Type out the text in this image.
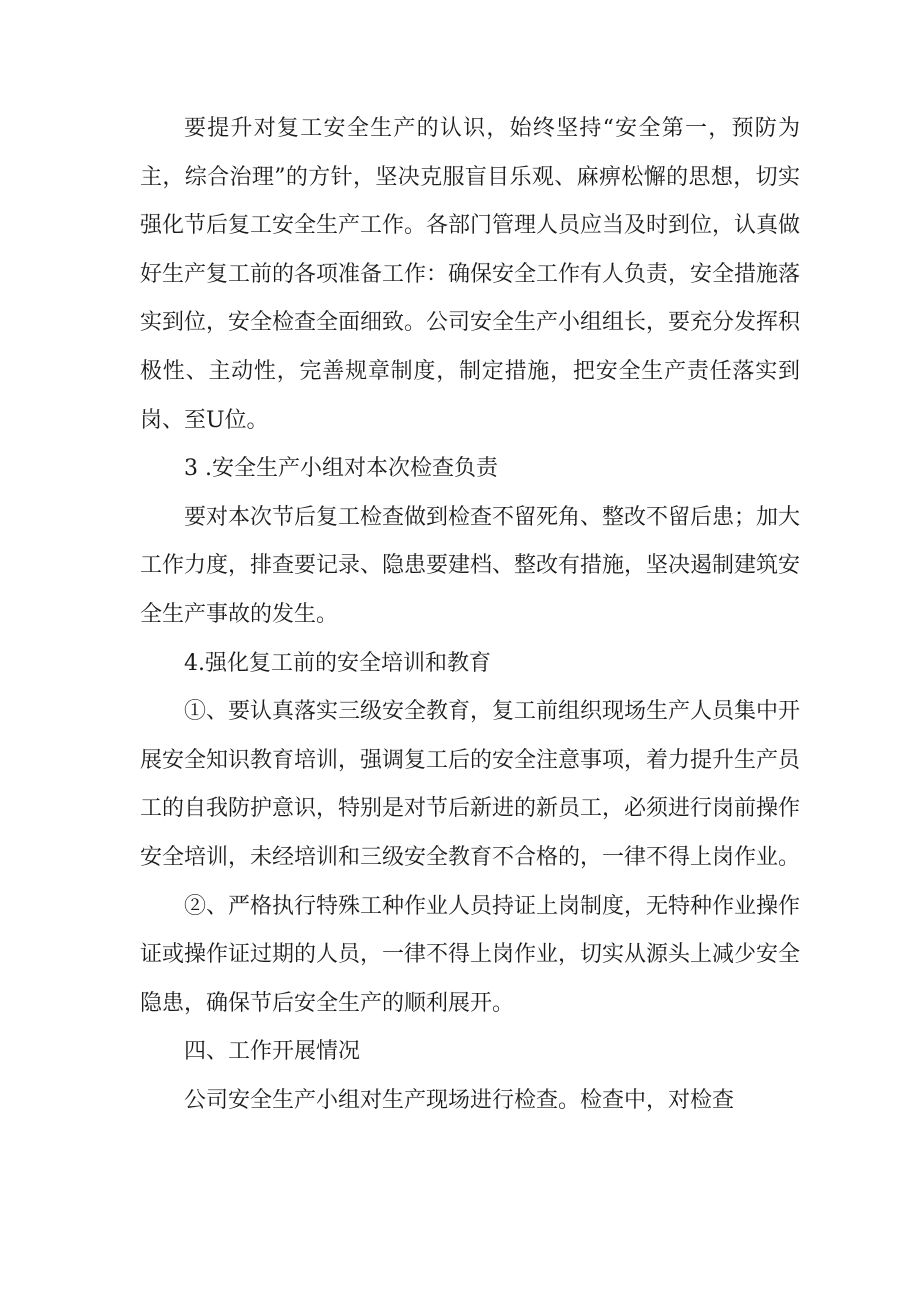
要提升对复工安全生产的认识，始终坚持“安全第一，预防为主，综合治理”的方针，坚决克服盲目乐观、麻痹松懈的思想，切实强化节后复工安全生产工作。各部门管理人员应当及时到位，认真做好生产复工前的各项准备工作：确保安全工作有人负责，安全措施落实到位，安全检查全面细致。公司安全生产小组组长，要充分发挥积极性、主动性，完善规章制度，制定措施，把安全生产责任落实到岗、至U位。

3 .安全生产小组对本次检查负责

要对本次节后复工检查做到检查不留死角、整改不留后患；加大工作力度，排查要记录、隐患要建档、整改有措施，坚决遏制建筑安全生产事故的发生。

4.强化复工前的安全培训和教育

①、要认真落实三级安全教育，复工前组织现场生产人员集中开展安全知识教育培训，强调复工后的安全注意事项，着力提升生产员工的自我防护意识，特别是对节后新进的新员工，必须进行岗前操作安全培训，未经培训和三级安全教育不合格的，一律不得上岗作业。

②、严格执行特殊工种作业人员持证上岗制度，无特种作业操作证或操作证过期的人员，一律不得上岗作业，切实从源头上减少安全隐患，确保节后安全生产的顺利展开。

四、工作开展情况

公司安全生产小组对生产现场进行检查。检查中，对检查
